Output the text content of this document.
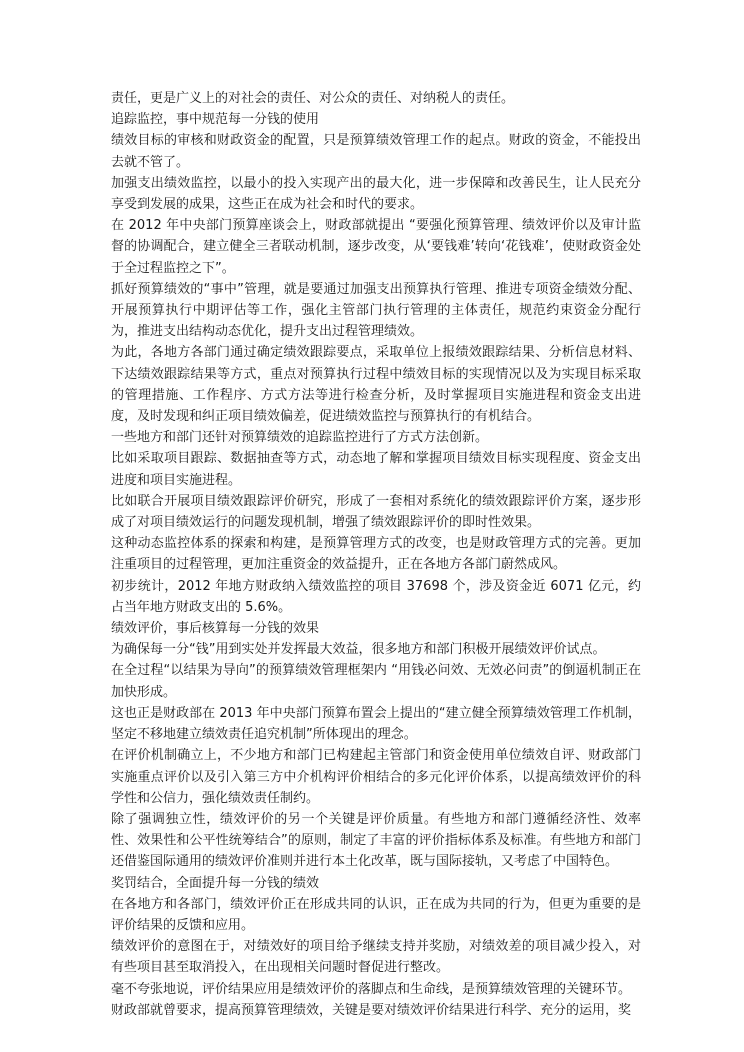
责任，更是广义上的对社会的责任、对公众的责任、对纳税人的责任。

追踪监控，事中规范每一分钱的使用

绩效目标的审核和财政资金的配置，只是预算绩效管理工作的起点。财政的资金，不能投出去就不管了。

加强支出绩效监控，以最小的投入实现产出的最大化，进一步保障和改善民生，让人民充分享受到发展的成果，这些正在成为社会和时代的要求。

在 2012 年中央部门预算座谈会上，财政部就提出 “要强化预算管理、绩效评价以及审计监督的协调配合，建立健全三者联动机制，逐步改变，从‘要钱难’转向‘花钱难’，使财政资金处于全过程监控之下”。

抓好预算绩效的“事中”管理，就是要通过加强支出预算执行管理、推进专项资金绩效分配、开展预算执行中期评估等工作，强化主管部门执行管理的主体责任，规范约束资金分配行为，推进支出结构动态优化，提升支出过程管理绩效。

为此，各地方各部门通过确定绩效跟踪要点，采取单位上报绩效跟踪结果、分析信息材料、下达绩效跟踪结果等方式，重点对预算执行过程中绩效目标的实现情况以及为实现目标采取的管理措施、工作程序、方式方法等进行检查分析，及时掌握项目实施进程和资金支出进度，及时发现和纠正项目绩效偏差，促进绩效监控与预算执行的有机结合。

一些地方和部门还针对预算绩效的追踪监控进行了方式方法创新。

比如采取项目跟踪、数据抽查等方式，动态地了解和掌握项目绩效目标实现程度、资金支出进度和项目实施进程。

比如联合开展项目绩效跟踪评价研究，形成了一套相对系统化的绩效跟踪评价方案，逐步形成了对项目绩效运行的问题发现机制，增强了绩效跟踪评价的即时性效果。

这种动态监控体系的探索和构建，是预算管理方式的改变，也是财政管理方式的完善。更加注重项目的过程管理，更加注重资金的效益提升，正在各地方各部门蔚然成风。

初步统计，2012 年地方财政纳入绩效监控的项目 37698 个，涉及资金近 6071 亿元，约占当年地方财政支出的 5.6%。

绩效评价，事后核算每一分钱的效果

为确保每一分“钱”用到实处并发挥最大效益，很多地方和部门积极开展绩效评价试点。

在全过程“以结果为导向”的预算绩效管理框架内 “用钱必问效、无效必问责”的倒逼机制正在加快形成。

这也正是财政部在 2013 年中央部门预算布置会上提出的“建立健全预算绩效管理工作机制，坚定不移地建立绩效责任追究机制”所体现出的理念。

在评价机制确立上，不少地方和部门已构建起主管部门和资金使用单位绩效自评、财政部门实施重点评价以及引入第三方中介机构评价相结合的多元化评价体系，以提高绩效评价的科学性和公信力，强化绩效责任制约。

除了强调独立性，绩效评价的另一个关键是评价质量。有些地方和部门遵循经济性、效率性、效果性和公平性统筹结合”的原则，制定了丰富的评价指标体系及标准。有些地方和部门还借鉴国际通用的绩效评价准则并进行本土化改革，既与国际接轨，又考虑了中国特色。

奖罚结合，全面提升每一分钱的绩效

在各地方和各部门，绩效评价正在形成共同的认识，正在成为共同的行为，但更为重要的是评价结果的反馈和应用。

绩效评价的意图在于，对绩效好的项目给予继续支持并奖励，对绩效差的项目减少投入，对有些项目甚至取消投入，在出现相关问题时督促进行整改。

毫不夸张地说，评价结果应用是绩效评价的落脚点和生命线，是预算绩效管理的关键环节。

财政部就曾要求，提高预算管理绩效，关键是要对绩效评价结果进行科学、充分的运用，奖
